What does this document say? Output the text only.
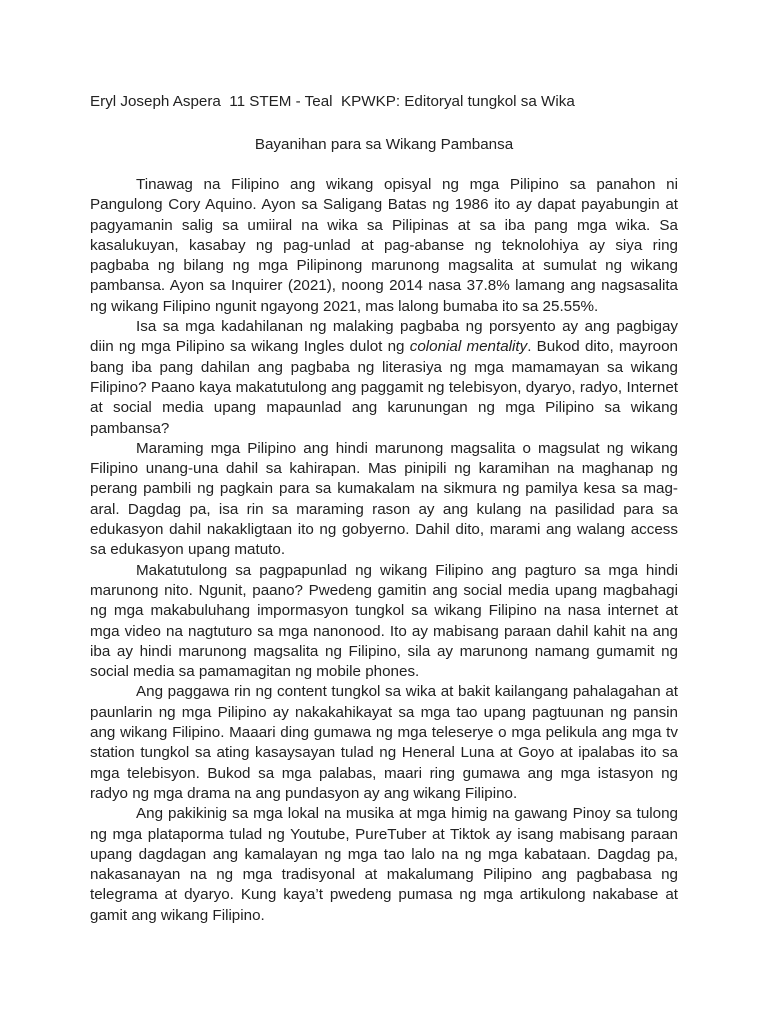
Eryl Joseph Aspera  11 STEM - Teal  KPWKP: Editoryal tungkol sa Wika

Bayanihan para sa Wikang Pambansa

Tinawag na Filipino ang wikang opisyal ng mga Pilipino sa panahon ni Pangulong Cory Aquino. Ayon sa Saligang Batas ng 1986 ito ay dapat payabungin at pagyamanin salig sa umiiral na wika sa Pilipinas at sa iba pang mga wika. Sa kasalukuyan, kasabay ng pag-unlad at pag-abanse ng teknolohiya ay siya ring pagbaba ng bilang ng mga Pilipinong marunong magsalita at sumulat ng wikang pambansa. Ayon sa Inquirer (2021), noong 2014 nasa 37.8% lamang ang nagsasalita ng wikang Filipino ngunit ngayong 2021, mas lalong bumaba ito sa 25.55%.

Isa sa mga kadahilanan ng malaking pagbaba ng porsyento ay ang pagbigay diin ng mga Pilipino sa wikang Ingles dulot ng colonial mentality. Bukod dito, mayroon bang iba pang dahilan ang pagbaba ng literasiya ng mga mamamayan sa wikang Filipino? Paano kaya makatutulong ang paggamit ng telebisyon, dyaryo, radyo, Internet at social media upang mapaunlad ang karunungan ng mga Pilipino sa wikang pambansa?

Maraming mga Pilipino ang hindi marunong magsalita o magsulat ng wikang Filipino unang-una dahil sa kahirapan. Mas pinipili ng karamihan na maghanap ng perang pambili ng pagkain para sa kumakalam na sikmura ng pamilya kesa sa mag-aral. Dagdag pa, isa rin sa maraming rason ay ang kulang na pasilidad para sa edukasyon dahil nakakligtaan ito ng gobyerno. Dahil dito, marami ang walang access sa edukasyon upang matuto.

Makatutulong sa pagpapunlad ng wikang Filipino ang pagturo sa mga hindi marunong nito. Ngunit, paano? Pwedeng gamitin ang social media upang magbahagi ng mga makabuluhang impormasyon tungkol sa wikang Filipino na nasa internet at mga video na nagtuturo sa mga nanonood. Ito ay mabisang paraan dahil kahit na ang iba ay hindi marunong magsalita ng Filipino, sila ay marunong namang gumamit ng social media sa pamamagitan ng mobile phones.

Ang paggawa rin ng content tungkol sa wika at bakit kailangang pahalagahan at paunlarin ng mga Pilipino ay nakakahikayat sa mga tao upang pagtuunan ng pansin ang wikang Filipino. Maaari ding gumawa ng mga teleserye o mga pelikula ang mga tv station tungkol sa ating kasaysayan tulad ng Heneral Luna at Goyo at ipalabas ito sa mga telebisyon. Bukod sa mga palabas, maari ring gumawa ang mga istasyon ng radyo ng mga drama na ang pundasyon ay ang wikang Filipino.

Ang pakikinig sa mga lokal na musika at mga himig na gawang Pinoy sa tulong ng mga plataporma tulad ng Youtube, PureTuber at Tiktok ay isang mabisang paraan upang dagdagan ang kamalayan ng mga tao lalo na ng mga kabataan. Dagdag pa, nakasanayan na ng mga tradisyonal at makalumang Pilipino ang pagbabasa ng telegrama at dyaryo. Kung kaya’t pwedeng pumasa ng mga artikulong nakabase at gamit ang wikang Filipino.
